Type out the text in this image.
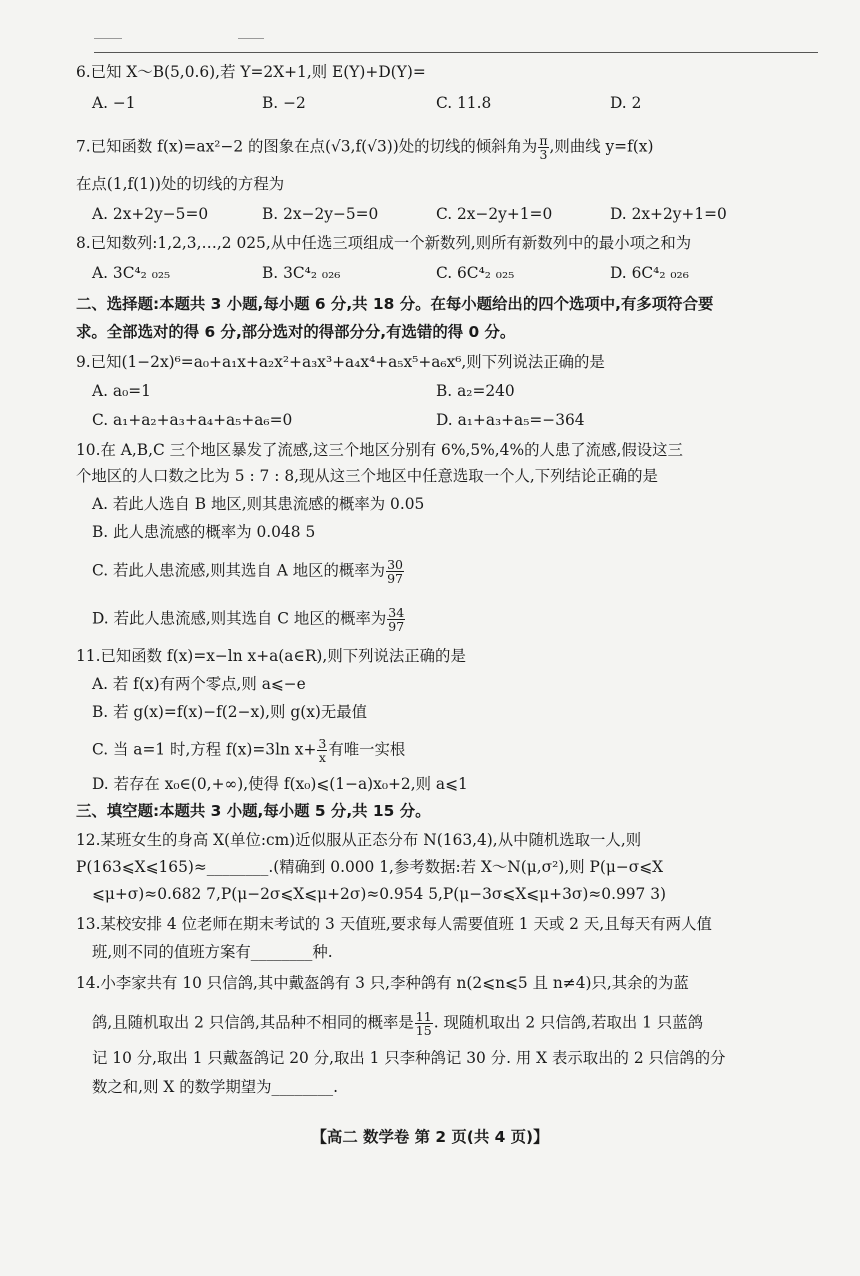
6.已知 X～B(5,0.6),若 Y=2X+1,则 E(Y)+D(Y)=
A. −1	B. −2	C. 11.8	D. 2
7.已知函数 f(x)=ax²−2 的图象在点(√3,f(√3))处的切线的倾斜角为 $\frac{\pi}{3}$ ,则曲线 y=f(x)
在点(1,f(1))处的切线的方程为
A. 2x+2y−5=0	B. 2x−2y−5=0	C. 2x−2y+1=0	D. 2x+2y+1=0
8.已知数列:1,2,3,…,2 025,从中任选三项组成一个新数列,则所有新数列中的最小项之和为
A. 3C⁴₂ ₀₂₅	B. 3C⁴₂ ₀₂₆	C. 6C⁴₂ ₀₂₅	D. 6C⁴₂ ₀₂₆
二、选择题:本题共 3 小题,每小题 6 分,共 18 分。在每小题给出的四个选项中,有多项符合要
求。全部选对的得 6 分,部分选对的得部分分,有选错的得 0 分。
9.已知(1−2x)⁶=a₀+a₁x+a₂x²+a₃x³+a₄x⁴+a₅x⁵+a₆x⁶,则下列说法正确的是
A. a₀=1	B. a₂=240
C. a₁+a₂+a₃+a₄+a₅+a₆=0	D. a₁+a₃+a₅=−364
10.在 A,B,C 三个地区暴发了流感,这三个地区分别有 6%,5%,4%的人患了流感,假设这三
个地区的人口数之比为 5 : 7 : 8,现从这三个地区中任意选取一个人,下列结论正确的是
A. 若此人选自 B 地区,则其患流感的概率为 0.05
B. 此人患流感的概率为 0.048 5
C. 若此人患流感,则其选自 A 地区的概率为 $\frac{30}{97}$
D. 若此人患流感,则其选自 C 地区的概率为 $\frac{34}{97}$
11.已知函数 f(x)=x−ln x+a(a∈R),则下列说法正确的是
A. 若 f(x)有两个零点,则 a⩽−e
B. 若 g(x)=f(x)−f(2−x),则 g(x)无最值
C. 当 a=1 时,方程 f(x)=3ln $x+ \frac{3}{x}$ 有唯一实根
D. 若存在 x₀∈(0,+∞),使得 f(x₀)⩽(1−a)x₀+2,则 a⩽1
三、填空题:本题共 3 小题,每小题 5 分,共 15 分。
12.某班女生的身高 X(单位:cm)近似服从正态分布 N(163,4),从中随机选取一人,则
P(163⩽X⩽165)≈________.(精确到 0.000 1,参考数据:若 X～N(μ,σ²),则 P(μ−σ⩽X
⩽μ+σ)≈0.682 7,P(μ−2σ⩽X⩽μ+2σ)≈0.954 5,P(μ−3σ⩽X⩽μ+3σ)≈0.997 3)
13.某校安排 4 位老师在期末考试的 3 天值班,要求每人需要值班 1 天或 2 天,且每天有两人值
班,则不同的值班方案有________种.
14.小李家共有 10 只信鸽,其中戴盔鸽有 3 只,李种鸽有 n(2⩽n⩽5 且 n≠4)只,其余的为蓝
鸽,且随机取出 2 只信鸽,其品种不相同的概率是 $\frac{11}{15}$ . 现随机取出 2 只信鸽,若取出 1 只蓝鸽
记 10 分,取出 1 只戴盔鸽记 20 分,取出 1 只李种鸽记 30 分. 用 X 表示取出的 2 只信鸽的分
数之和,则 X 的数学期望为________.
【高二 数学卷 第 2 页(共 4 页)】
